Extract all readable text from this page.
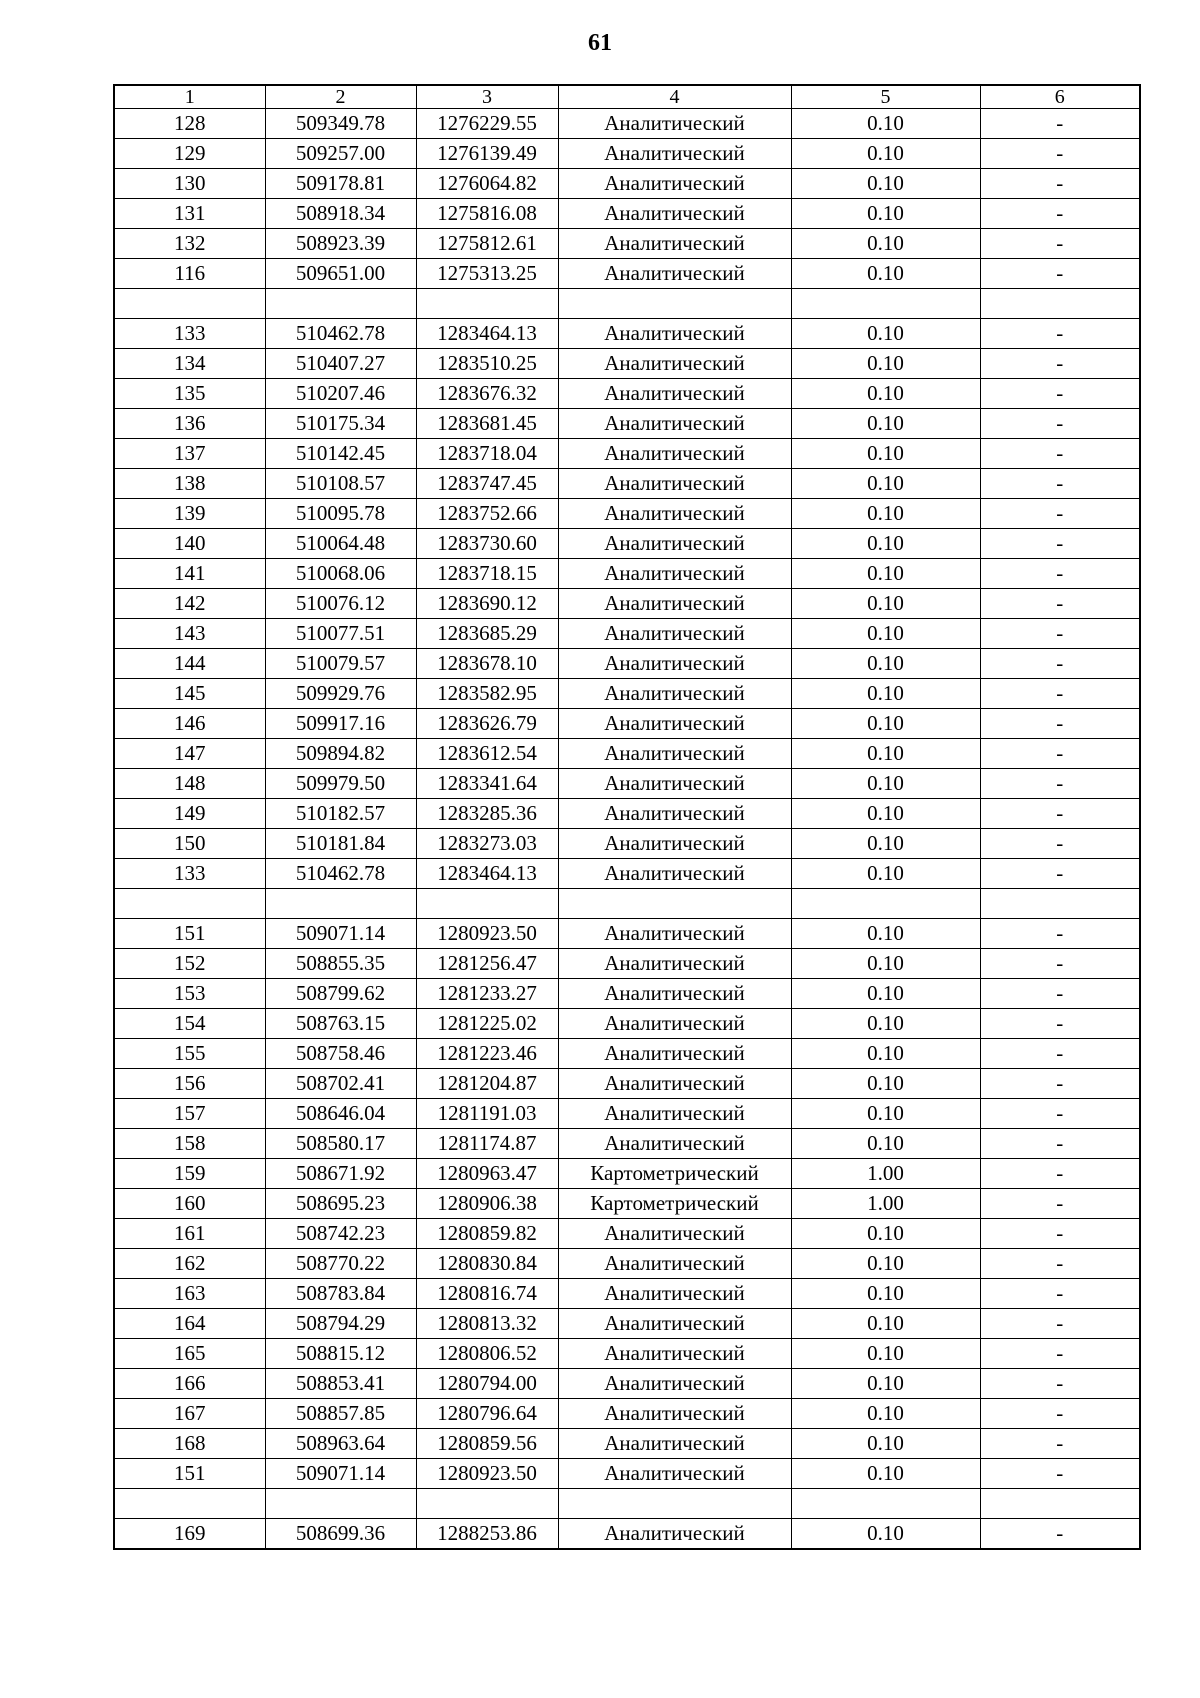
61
1	2	3	4	5	6
128	509349.78	1276229.55	Аналитический	0.10	-
129	509257.00	1276139.49	Аналитический	0.10	-
130	509178.81	1276064.82	Аналитический	0.10	-
131	508918.34	1275816.08	Аналитический	0.10	-
132	508923.39	1275812.61	Аналитический	0.10	-
116	509651.00	1275313.25	Аналитический	0.10	-

133	510462.78	1283464.13	Аналитический	0.10	-
134	510407.27	1283510.25	Аналитический	0.10	-
135	510207.46	1283676.32	Аналитический	0.10	-
136	510175.34	1283681.45	Аналитический	0.10	-
137	510142.45	1283718.04	Аналитический	0.10	-
138	510108.57	1283747.45	Аналитический	0.10	-
139	510095.78	1283752.66	Аналитический	0.10	-
140	510064.48	1283730.60	Аналитический	0.10	-
141	510068.06	1283718.15	Аналитический	0.10	-
142	510076.12	1283690.12	Аналитический	0.10	-
143	510077.51	1283685.29	Аналитический	0.10	-
144	510079.57	1283678.10	Аналитический	0.10	-
145	509929.76	1283582.95	Аналитический	0.10	-
146	509917.16	1283626.79	Аналитический	0.10	-
147	509894.82	1283612.54	Аналитический	0.10	-
148	509979.50	1283341.64	Аналитический	0.10	-
149	510182.57	1283285.36	Аналитический	0.10	-
150	510181.84	1283273.03	Аналитический	0.10	-
133	510462.78	1283464.13	Аналитический	0.10	-

151	509071.14	1280923.50	Аналитический	0.10	-
152	508855.35	1281256.47	Аналитический	0.10	-
153	508799.62	1281233.27	Аналитический	0.10	-
154	508763.15	1281225.02	Аналитический	0.10	-
155	508758.46	1281223.46	Аналитический	0.10	-
156	508702.41	1281204.87	Аналитический	0.10	-
157	508646.04	1281191.03	Аналитический	0.10	-
158	508580.17	1281174.87	Аналитический	0.10	-
159	508671.92	1280963.47	Картометрический	1.00	-
160	508695.23	1280906.38	Картометрический	1.00	-
161	508742.23	1280859.82	Аналитический	0.10	-
162	508770.22	1280830.84	Аналитический	0.10	-
163	508783.84	1280816.74	Аналитический	0.10	-
164	508794.29	1280813.32	Аналитический	0.10	-
165	508815.12	1280806.52	Аналитический	0.10	-
166	508853.41	1280794.00	Аналитический	0.10	-
167	508857.85	1280796.64	Аналитический	0.10	-
168	508963.64	1280859.56	Аналитический	0.10	-
151	509071.14	1280923.50	Аналитический	0.10	-

169	508699.36	1288253.86	Аналитический	0.10	-
